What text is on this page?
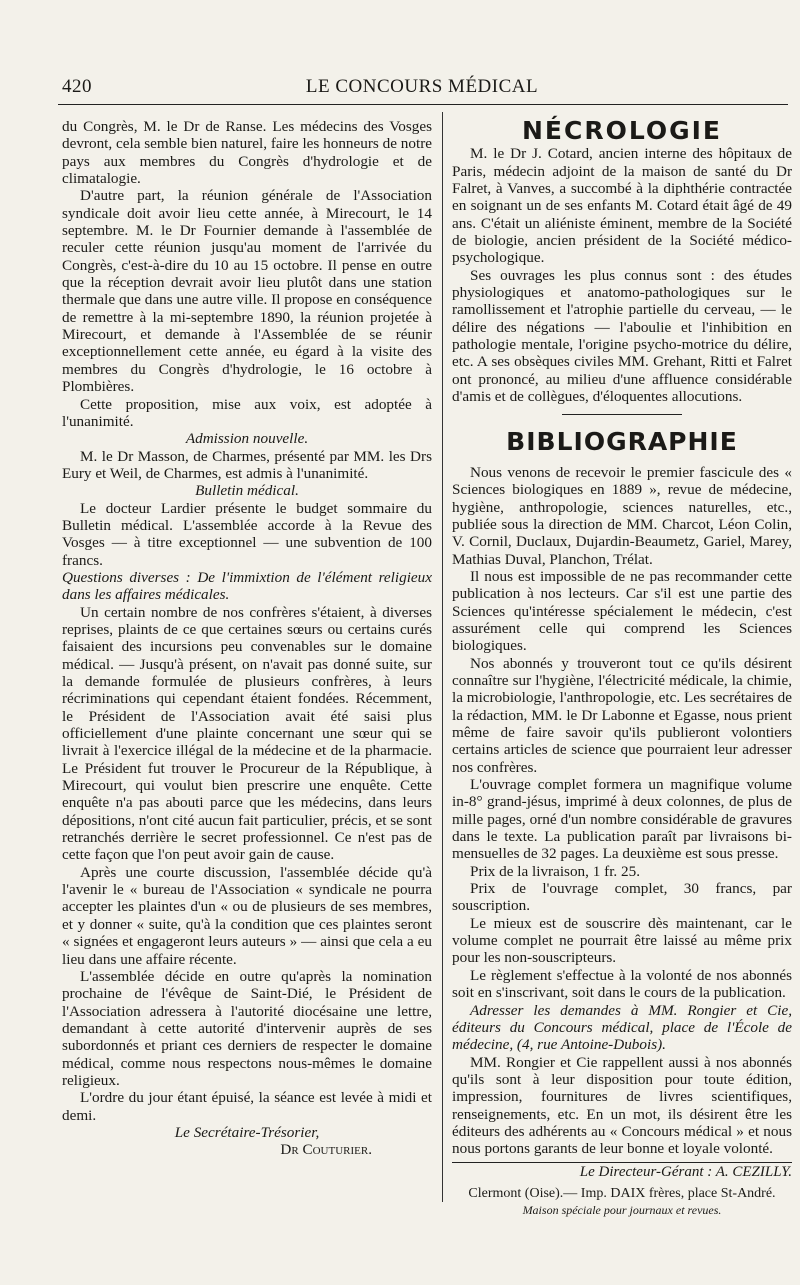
420	LE CONCOURS MÉDICAL

du Congrès, M. le Dr de Ranse. Les médecins des Vosges devront, cela semble bien naturel, faire les honneurs de notre pays aux membres du Congrès d'hydrologie et de climatalogie.

D'autre part, la réunion générale de l'Association syndicale doit avoir lieu cette année, à Mirecourt, le 14 septembre. M. le Dr Fournier demande à l'assemblée de reculer cette réunion jusqu'au moment de l'arrivée du Congrès, c'est-à-dire du 10 au 15 octobre. Il pense en outre que la réception devrait avoir lieu plutôt dans une station thermale que dans une autre ville. Il propose en conséquence de remettre à la mi-septembre 1890, la réunion projetée à Mirecourt, et demande à l'Assemblée de se réunir exceptionnellement cette année, eu égard à la visite des membres du Congrès d'hydrologie, le 16 octobre à Plombières.

Cette proposition, mise aux voix, est adoptée à l'unanimité.

Admission nouvelle.

M. le Dr Masson, de Charmes, présenté par MM. les Drs Eury et Weil, de Charmes, est admis à l'unanimité.

Bulletin médical.

Le docteur Lardier présente le budget sommaire du Bulletin médical. L'assemblée accorde à la Revue des Vosges — à titre exceptionnel — une subvention de 100 francs.

Questions diverses : De l'immixtion de l'élément religieux dans les affaires médicales.

Un certain nombre de nos confrères s'étaient, à diverses reprises, plaints de ce que certaines sœurs ou certains curés faisaient des incursions peu convenables sur le domaine médical. — Jusqu'à présent, on n'avait pas donné suite, sur la demande formulée de plusieurs confrères, à leurs récriminations qui cependant étaient fondées. Récemment, le Président de l'Association avait été saisi plus officiellement d'une plainte concernant une sœur qui se livrait à l'exercice illégal de la médecine et de la pharmacie. Le Président fut trouver le Procureur de la République, à Mirecourt, qui voulut bien prescrire une enquête. Cette enquête n'a pas abouti parce que les médecins, dans leurs dépositions, n'ont cité aucun fait particulier, précis, et se sont retranchés derrière le secret professionnel. Ce n'est pas de cette façon que l'on peut avoir gain de cause.

Après une courte discussion, l'assemblée décide qu'à l'avenir le « bureau de l'Association « syndicale ne pourra accepter les plaintes d'un « ou de plusieurs de ses membres, et y donner « suite, qu'à la condition que ces plaintes seront « signées et engageront leurs auteurs » — ainsi que cela a eu lieu dans une affaire récente.

L'assemblée décide en outre qu'après la nomination prochaine de l'évêque de Saint-Dié, le Président de l'Association adressera à l'autorité diocésaine une lettre, demandant à cette autorité d'intervenir auprès de ses subordonnés et priant ces derniers de respecter le domaine médical, comme nous respectons nous-mêmes le domaine religieux.

L'ordre du jour étant épuisé, la séance est levée à midi et demi.

Le Secrétaire-Trésorier,

Dr Couturier.

NÉCROLOGIE

M. le Dr J. Cotard, ancien interne des hôpitaux de Paris, médecin adjoint de la maison de santé du Dr Falret, à Vanves, a succombé à la diphthérie contractée en soignant un de ses enfants M. Cotard était âgé de 49 ans. C'était un aliéniste éminent, membre de la Société de biologie, ancien président de la Société médico-psychologique.

Ses ouvrages les plus connus sont : des études physiologiques et anatomo-pathologiques sur le ramollissement et l'atrophie partielle du cerveau, — le délire des négations — l'aboulie et l'inhibition en pathologie mentale, l'origine psycho-motrice du délire, etc. A ses obsèques civiles MM. Grehant, Ritti et Falret ont prononcé, au milieu d'une affluence considérable d'amis et de collègues, d'éloquentes allocutions.

BIBLIOGRAPHIE

Nous venons de recevoir le premier fascicule des « Sciences biologiques en 1889 », revue de médecine, hygiène, anthropologie, sciences naturelles, etc., publiée sous la direction de MM. Charcot, Léon Colin, V. Cornil, Duclaux, Dujardin-Beaumetz, Gariel, Marey, Mathias Duval, Planchon, Trélat.

Il nous est impossible de ne pas recommander cette publication à nos lecteurs. Car s'il est une partie des Sciences qu'intéresse spécialement le médecin, c'est assurément celle qui comprend les Sciences biologiques.

Nos abonnés y trouveront tout ce qu'ils désirent connaître sur l'hygiène, l'électricité médicale, la chimie, la microbiologie, l'anthropologie, etc. Les secrétaires de la rédaction, MM. le Dr Labonne et Egasse, nous prient même de faire savoir qu'ils publieront volontiers certains articles de science que pourraient leur adresser nos confrères.

L'ouvrage complet formera un magnifique volume in-8° grand-jésus, imprimé à deux colonnes, de plus de mille pages, orné d'un nombre considérable de gravures dans le texte. La publication paraît par livraisons bi-mensuelles de 32 pages. La deuxième est sous presse.

Prix de la livraison, 1 fr. 25.

Prix de l'ouvrage complet, 30 francs, par souscription.

Le mieux est de souscrire dès maintenant, car le volume complet ne pourrait être laissé au même prix pour les non-souscripteurs.

Le règlement s'effectue à la volonté de nos abonnés soit en s'inscrivant, soit dans le cours de la publication.

Adresser les demandes à MM. Rongier et Cie, éditeurs du Concours médical, place de l'École de médecine, (4, rue Antoine-Dubois).

MM. Rongier et Cie rappellent aussi à nos abonnés qu'ils sont à leur disposition pour toute édition, impression, fournitures de livres scientifiques, renseignements, etc. En un mot, ils désirent être les éditeurs des adhérents au « Concours médical » et nous nous portons garants de leur bonne et loyale volonté.

Le Directeur-Gérant : A. CEZILLY.
Clermont (Oise).— Imp. DAIX frères, place St-André.
Maison spéciale pour journaux et revues.
